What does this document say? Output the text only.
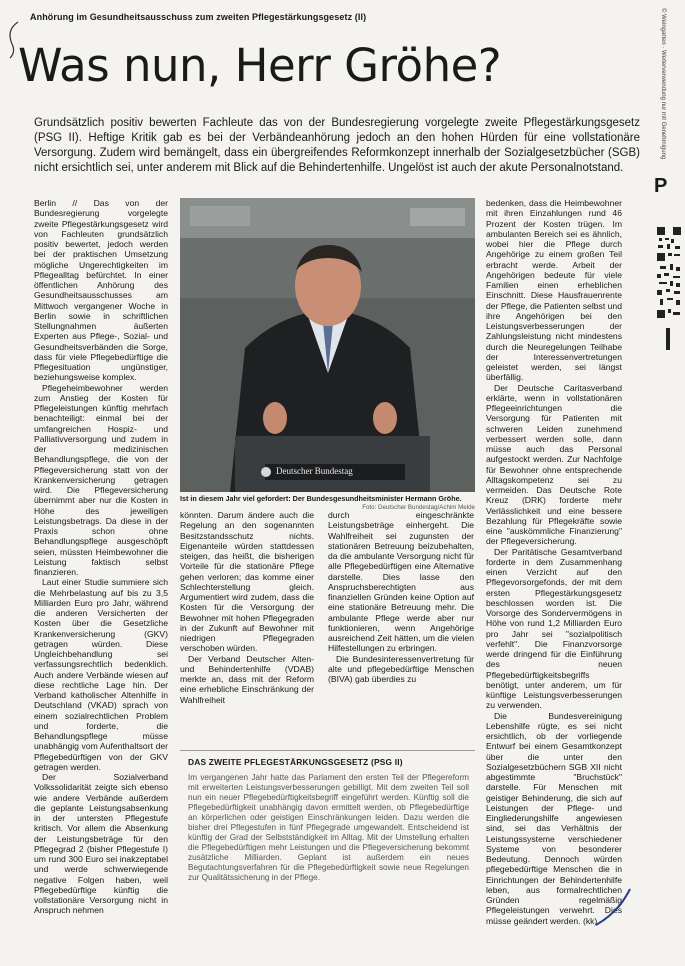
Anhörung im Gesundheitsausschuss zum zweiten Pflegestärkungsgesetz (II)
Was nun, Herr Gröhe?

Grundsätzlich positiv bewerten Fachleute das von der Bundesregierung vorgelegte zweite Pflegestärkungsgesetz (PSG II). Heftige Kritik gab es bei der Verbändeanhörung jedoch an den hohen Hürden für eine vollstationäre Versorgung. Zudem wird bemängelt, dass ein übergreifendes Reformkonzept innerhalb der Sozialgesetzbücher (SGB) nicht ersichtlich sei, unter anderem mit Blick auf die Behindertenhilfe. Ungelöst ist auch der akute Personalnotstand.

Berlin // Das von der Bundesregierung vorgelegte zweite Pflegestärkungsgesetz wird von Fachleuten grundsätzlich positiv bewertet, jedoch werden bei der praktischen Umsetzung mögliche Ungerechtigkeiten im Pflegealltag befürchtet. In einer öffentlichen Anhörung des Gesundheitsausschusses am Mittwoch vergangener Woche in Berlin sowie in schriftlichen Stellungnahmen äußerten Experten aus Pflege-, Sozial- und Gesundheitsverbänden die Sorge, dass für viele Pflegebedürftige die Pflegesituation ungünstiger, beziehungsweise komplex.

Pflegeheimbewohner werden zum Anstieg der Kosten für Pflegeleistungen künftig mehrfach benachteiligt: einmal bei der umfangreichen Hospiz- und Palliativversorgung und zudem in der medizinischen Behandlungspflege, die von der Pflegeversicherung statt von der Krankenversicherung getragen wird. Die Pflegeversicherung übernimmt aber nur die Kosten in Höhe des jeweiligen Leistungsbetrags. Da diese in der Praxis schon ohne Behandlungspflege ausgeschöpft seien, müssten Heimbewohner die Leistung faktisch selbst finanzieren.

Laut einer Studie summiere sich die Mehrbelastung auf bis zu 3,5 Milliarden Euro pro Jahr, während die anderen Versicherten der Kosten über die Gesetzliche Krankenversicherung (GKV) getragen würden. Diese Ungleichbehandlung sei verfassungsrechtlich bedenklich. Auch andere Verbände wiesen auf diese rechtliche Lage hin. Der Verband katholischer Altenhilfe in Deutschland (VKAD) sprach von einem sozialrechtlichen Problem und forderte, die Behandlungspflege müsse unabhängig vom Aufenthaltsort der Pflegebedürftigen von der GKV getragen werden.

Der Sozialverband Volkssolidarität zeigte sich ebenso wie andere Verbände außerdem die geplante Leistungsabsenkung in der untersten Pflegestufe kritisch. Vor allem die Absenkung der Leistungsbeträge für den Pflegegrad 2 (bisher Pflegestufe I) um rund 300 Euro sei inakzeptabel und werde schwerwiegende negative Folgen haben, weil Pflegebedürftige künftig die vollstationäre Versorgung nicht in Anspruch nehmen

Deutscher Bundestag
Ist in diesem Jahr viel gefordert: Der Bundesgesundheitsminister Hermann Gröhe.
Foto: Deutscher Bundestag/Achim Melde

könnten. Darum ändere auch die Regelung an den sogenannten Besitzstandsschutz nichts. Eigenanteile würden stattdessen steigen, das heißt, die bisherigen Vorteile für die stationäre Pflege gehen verloren; das komme einer Schlechterstellung gleich. Argumentiert wird zudem, dass die Kosten für die Versorgung der Bewohner mit hohen Pflegegraden in der Zukunft auf Bewohner mit niedrigen Pflegegraden verschoben würden.

Der Verband Deutscher Alten- und Behindertenhilfe (VDAB) merkte an, dass mit der Reform eine erhebliche Einschränkung der Wahlfreiheit

durch eingeschränkte Leistungsbeträge einhergeht. Die Wahlfreiheit sei zugunsten der stationären Betreuung beizubehalten, da die ambulante Versorgung nicht für alle Pflegebedürftigen eine Alternative darstelle. Dies lasse den Anspruchsberechtigten aus finanziellen Gründen keine Option auf eine stationäre Betreuung mehr. Die ambulante Pflege werde aber nur funktionieren, wenn Angehörige ausreichend Zeit hätten, um die vielen Hilfestellungen zu erbringen.

Die Bundesinteressenvertretung für alte und pflegebedürftige Menschen (BIVA) gab überdies zu

DAS ZWEITE PFLEGESTÄRKUNGSGESETZ (PSG II)
Im vergangenen Jahr hatte das Parlament den ersten Teil der Pflegereform mit erweiterten Leistungsverbesserungen gebilligt. Mit dem zweiten Teil soll nun ein neuer Pflegebedürftigkeitsbegriff eingeführt werden. Künftig soll die Pflegebedürftigkeit unabhängig davon ermittelt werden, ob Pflegebedürftige an körperlichen oder geistigen Einschränkungen leiden. Dazu werden die bisher drei Pflegestufen in fünf Pflegegrade umgewandelt. Entscheidend ist künftig der Grad der Selbstständigkeit im Alltag. Mit der Umstellung erhalten die Pflegebedürftigen mehr Leistungen und die Pflegeversicherung bekommt zusätzliche Milliarden. Geplant ist außerdem ein neues Begutachtungsverfahren für die Pflegebedürftigkeit sowie neue Regelungen zur Qualitätssicherung in der Pflege.

bedenken, dass die Heimbewohner mit ihren Einzahlungen rund 46 Prozent der Kosten trügen. Im ambulanten Bereich sei es ähnlich, wobei hier die Pflege durch Angehörige zu einem großen Teil erbracht werde. Arbeit der Angehörigen bedeute für viele Familien einen erheblichen Einschnitt. Diese Hausfrauenrente der Pflege, die Patienten selbst und ihre Angehörigen bei den Leistungsverbesserungen der Zahlungsleistung nicht mindestens durch die Neuregelungen Teilhabe der Interessenvertretungen geleistet werden, sei längst überfällig.

Der Deutsche Caritasverband erklärte, wenn in vollstationären Pflegeeinrichtungen die Versorgung für Patienten mit schweren Leiden zunehmend verbessert werden solle, dann müsse auch das Personal aufgestockt werden. Zur Nachfolge für Bewohner ohne entsprechende Alltagskompetenz sei zu vermeiden. Das Deutsche Rote Kreuz (DRK) forderte mehr Verlässlichkeit und eine bessere Bezahlung für Pflegekräfte sowie eine "auskömmliche Finanzierung" der Pflegeversicherung.

Der Paritätische Gesamtverband forderte in dem Zusammenhang einen Verzicht auf den Pflegevorsorgefonds, der mit dem ersten Pflegestärkungsgesetz beschlossen worden ist. Die Vorsorge des Sondervermögens in Höhe von rund 1,2 Milliarden Euro pro Jahr sei "sozialpolitisch verfehlt". Die Finanzvorsorge werde dringend für die Einführung des neuen Pflegebedürftigkeitsbegriffs benötigt, unter anderem, um für künftige Leistungsverbesserungen zu verwenden.

Die Bundesvereinigung Lebenshilfe rügte, es sei nicht ersichtlich, ob der vorliegende Entwurf bei einem Gesamtkonzept über die unter den Sozialgesetzbüchern SGB XII nicht abgestimmte "Bruchstück" darstelle. Für Menschen mit geistiger Behinderung, die sich auf Leistungen der Pflege- und Eingliederungshilfe angewiesen sind, sei das Verhältnis der Leistungssysteme verschiedener Systeme von besonderer Bedeutung. Dennoch würden pflegebedürftige Menschen die in Einrichtungen der Behindertenhilfe leben, aus formalrechtlichen Gründen regelmäßig Pflegeleistungen verwehrt. Dies müsse geändert werden. (kk)

© Weingarten · Weiterverwendung nur mit Genehmigung
P
